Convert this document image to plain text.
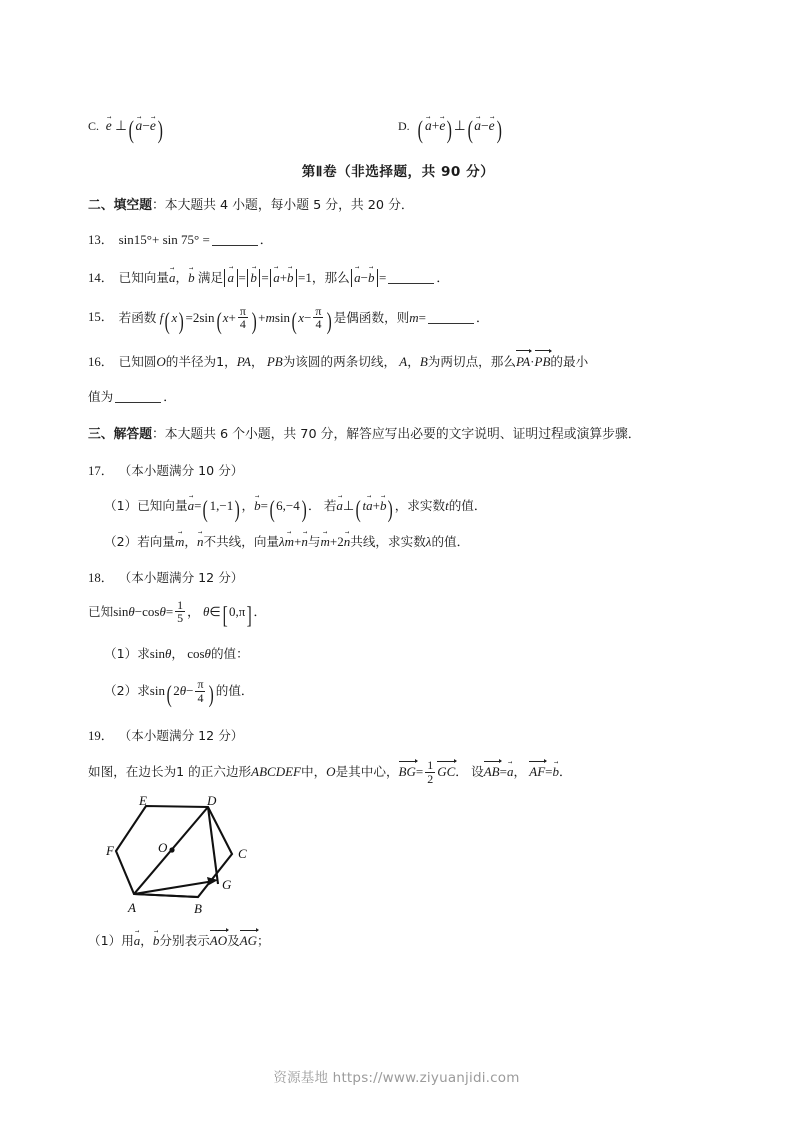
C. e → ⊥( a →−e →)	D. ( a →+e →) ⊥( a →−e →)
第Ⅱ卷（非选择题，共 90 分）
二、填空题：本大题共 4 小题，每小题 5 分，共 20 分．
13． sin15°+ sin 75° =	．
14． 已知向量a →，b → 满足 a → = b → = a →+b → =1，那么 a →−b → =	．
15． 若函数 f( x) =2sin( $x+ \frac{\pi}{4}$ ) +msin( $x- \frac{\pi}{4}$ ) 是偶函数，则m=	．
16． 已知圆O的半径为1，PA， PB为该圆的两条切线， A，B为两切点，那么PA·PB的最小
值为	．
三、解答题：本大题共 6 个小题，共 70 分，解答应写出必要的文字说明、证明过程或演算步骤．
17． （本小题满分 10 分）
（1）已知向量a →=( 1,−1) ，b →=( 6,−4) ． 若a →⊥( ta →+b →) ，求实数t的值．
（2）若向量m →，n →不共线，向量λm →+n →与m →+2n →共线，求实数λ的值．
18． （本小题满分 12 分）
已知$\sin\theta-\cos\theta= \frac{1}{5}$ ， θ∈[ 0,π] ．
（1）求sinθ， cosθ的值：
（2）求sin( $2\theta- \frac{\pi}{4}$ ) 的值．
19． （本小题满分 12 分）
如图，在边长为1 的正六边形ABCDEF中，O是其中心，$BG= \frac{1}{2}$ GC． 设AB=a →， AF=b →．
A	B
C
D
E
F	O
G
（1）用a →，b →分别表示AO及AG；
资源基地 https://www.ziyuanjidi.com
